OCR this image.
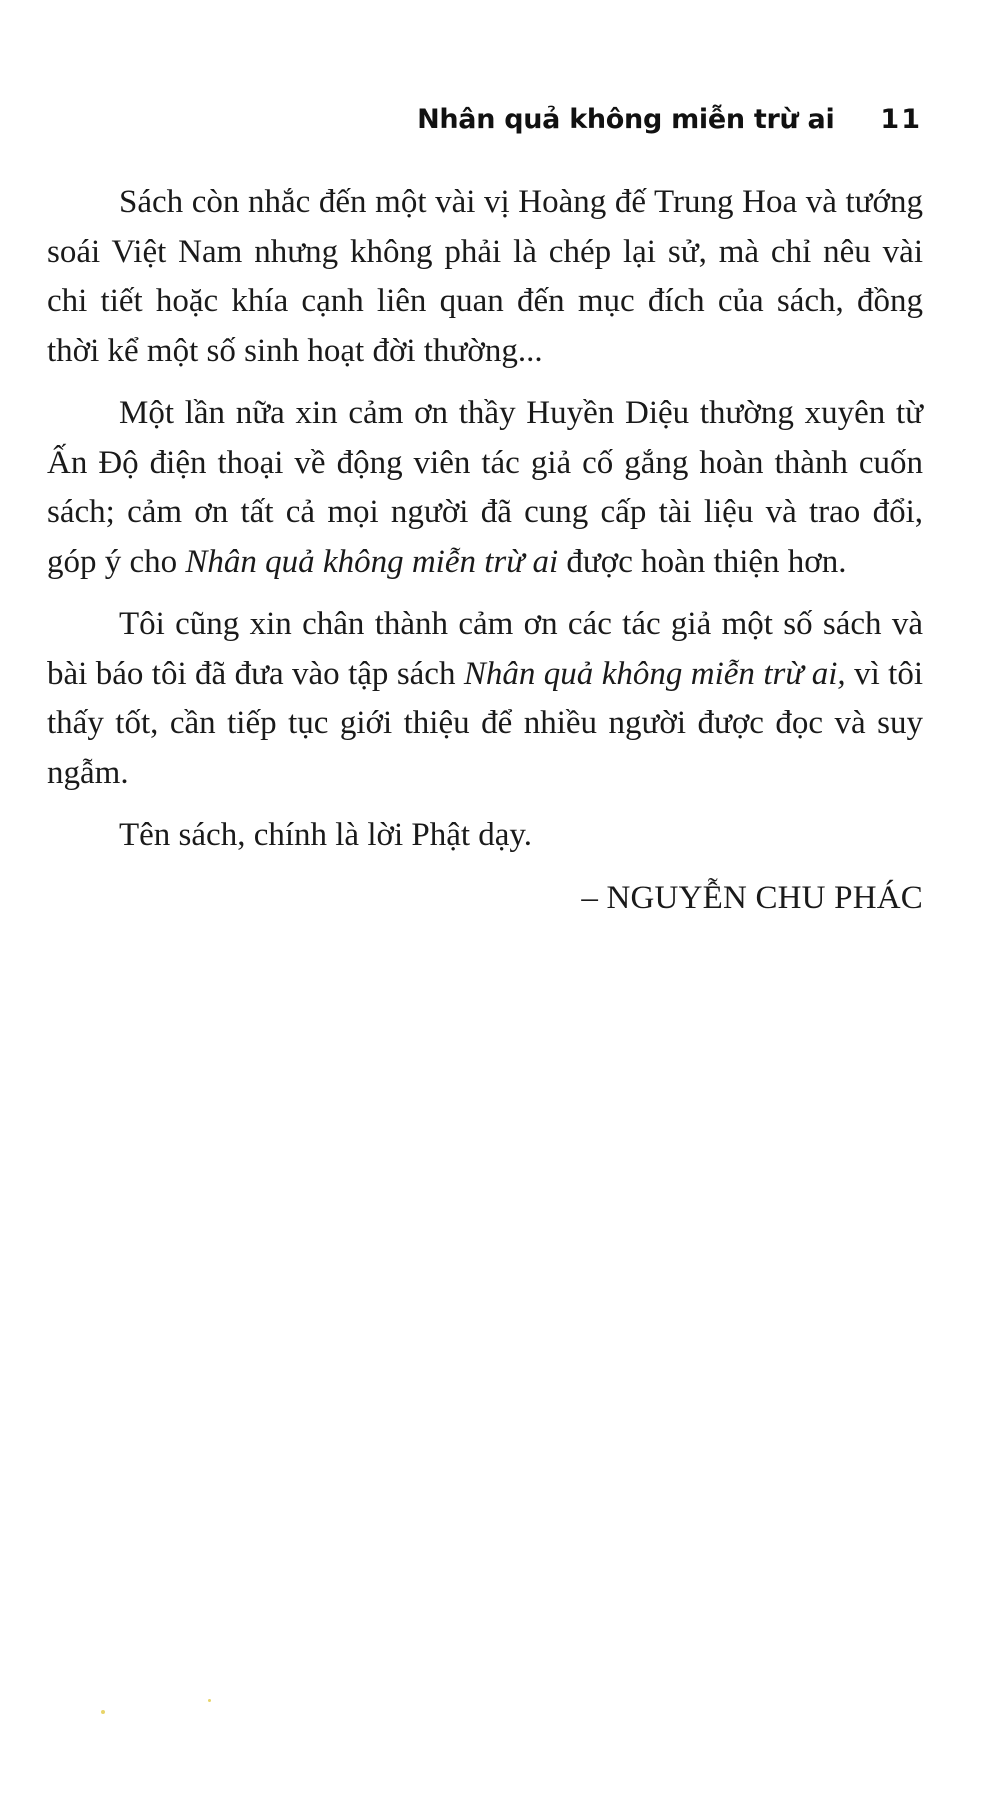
Nhân quả không miễn trừ ai 11

Sách còn nhắc đến một vài vị Hoàng đế Trung Hoa và tướng soái Việt Nam nhưng không phải là chép lại sử, mà chỉ nêu vài chi tiết hoặc khía cạnh liên quan đến mục đích của sách, đồng thời kể một số sinh hoạt đời thường...

Một lần nữa xin cảm ơn thầy Huyền Diệu thường xuyên từ Ấn Độ điện thoại về động viên tác giả cố gắng hoàn thành cuốn sách; cảm ơn tất cả mọi người đã cung cấp tài liệu và trao đổi, góp ý cho Nhân quả không miễn trừ ai được hoàn thiện hơn.

Tôi cũng xin chân thành cảm ơn các tác giả một số sách và bài báo tôi đã đưa vào tập sách Nhân quả không miễn trừ ai, vì tôi thấy tốt, cần tiếp tục giới thiệu để nhiều người được đọc và suy ngẫm.

Tên sách, chính là lời Phật dạy.

– NGUYỄN CHU PHÁC
